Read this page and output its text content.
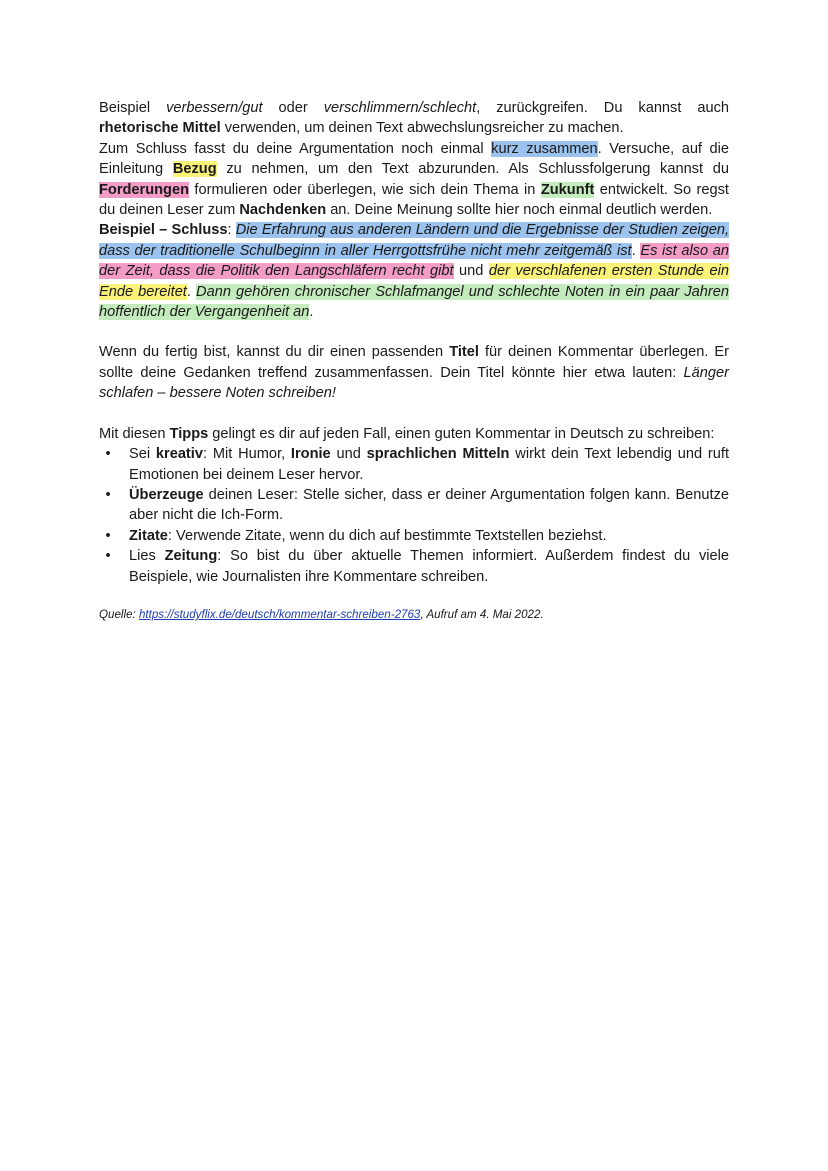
Beispiel verbessern/gut oder verschlimmern/schlecht, zurückgreifen. Du kannst auch rhetorische Mittel verwenden, um deinen Text abwechslungsreicher zu machen.

Zum Schluss fasst du deine Argumentation noch einmal kurz zusammen. Versuche, auf die Einleitung Bezug zu nehmen, um den Text abzurunden. Als Schlussfolgerung kannst du Forderungen formulieren oder überlegen, wie sich dein Thema in Zukunft entwickelt. So regst du deinen Leser zum Nachdenken an. Deine Meinung sollte hier noch einmal deutlich werden.

Beispiel – Schluss: Die Erfahrung aus anderen Ländern und die Ergebnisse der Studien zeigen, dass der traditionelle Schulbeginn in aller Herrgottsfrühe nicht mehr zeitgemäß ist. Es ist also an der Zeit, dass die Politik den Langschläfern recht gibt und der verschlafenen ersten Stunde ein Ende bereitet. Dann gehören chronischer Schlafmangel und schlechte Noten in ein paar Jahren hoffentlich der Vergangenheit an.

Wenn du fertig bist, kannst du dir einen passenden Titel für deinen Kommentar überlegen. Er sollte deine Gedanken treffend zusammenfassen. Dein Titel könnte hier etwa lauten: Länger schlafen – bessere Noten schreiben!

Mit diesen Tipps gelingt es dir auf jeden Fall, einen guten Kommentar in Deutsch zu schreiben:

• Sei kreativ: Mit Humor, Ironie und sprachlichen Mitteln wirkt dein Text lebendig und ruft Emotionen bei deinem Leser hervor.
• Überzeuge deinen Leser: Stelle sicher, dass er deiner Argumentation folgen kann. Benutze aber nicht die Ich-Form.
• Zitate: Verwende Zitate, wenn du dich auf bestimmte Textstellen beziehst.
• Lies Zeitung: So bist du über aktuelle Themen informiert. Außerdem findest du viele Beispiele, wie Journalisten ihre Kommentare schreiben.

Quelle: https://studyflix.de/deutsch/kommentar-schreiben-2763, Aufruf am 4. Mai 2022.
